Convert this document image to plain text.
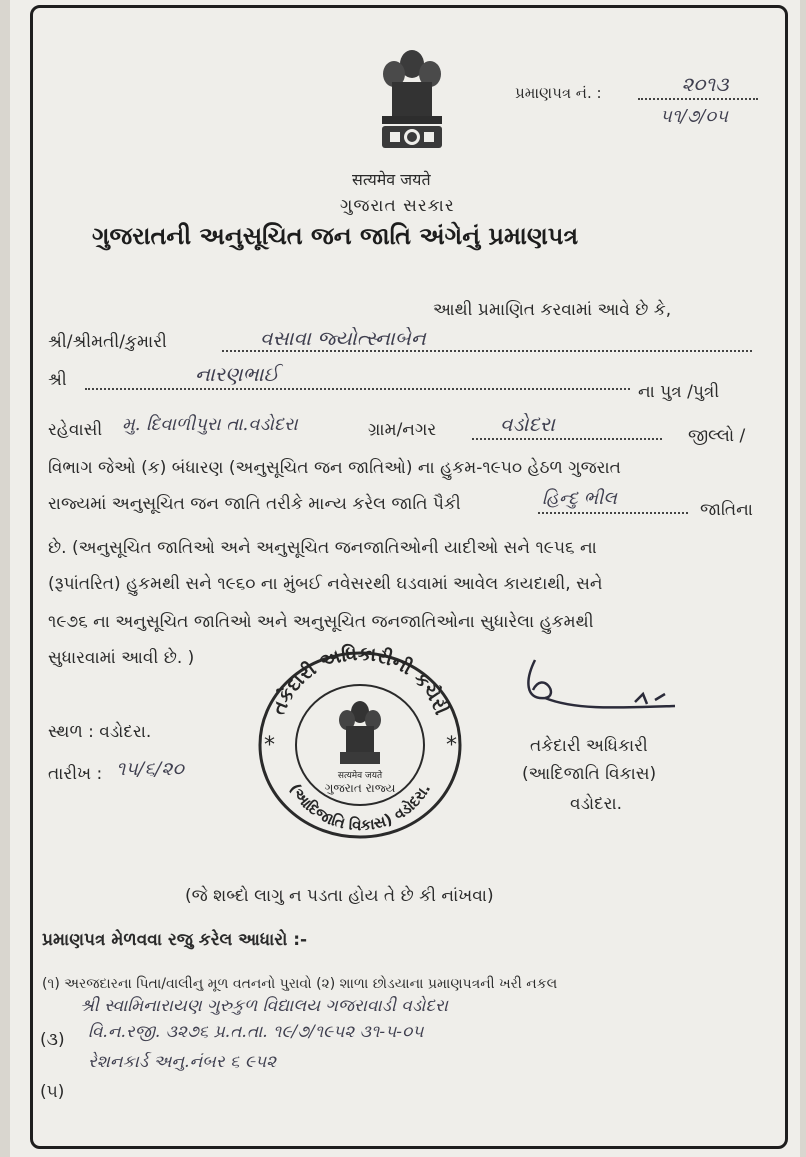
सत्यमेव जयते
ગુજરાત સરકાર
પ્રમાણપત્ર નં. :	૨૦૧૩
૫૧/૭/૦૫
ગુજરાતની અનુસૂચિત જન જાતિ અંગેનું પ્રમાણપત્ર
આથી પ્રમાણિત કરવામાં આવે છે કે,
શ્રી/શ્રીમતી/કુમારી	વસાવા જ્યોત્સ્નાબેન
શ્રી	નારણભાઈ
ના પુત્ર /પુત્રી
રહેવાસી મુ. દિવાળીપુરા તા.વડોદરા	ગ્રામ/નગર	વડોદરા	જીલ્લો /
વિભાગ જેઓ (ક) બંધારણ (અનુસૂચિત જન જાતિઓ) ના હુકમ-૧૯૫૦ હેઠળ ગુજરાત
રાજ્યમાં અનુસૂચિત જન જાતિ તરીકે માન્ય કરેલ જાતિ પૈકી	હિન્દુ ભીલ
જાતિના
છે. (અનુસૂચિત જાતિઓ અને અનુસૂચિત જનજાતિઓની યાદીઓ સને ૧૯૫૬ ના
(રૂપાંતરિત) હુકમથી સને ૧૯૬૦ ના મુંબઈ નવેસરથી ઘડવામાં આવેલ કાયદાથી, સને
૧૯૭૬ ના અનુસૂચિત જાતિઓ અને અનુસૂચિત જનજાતિઓના સુધારેલા હુકમથી
સુધારવામાં આવી છે. )
તકેદારી અધિકારીની કચેરી
(આદિજાતિ વિકાસ) વડોદરા.
*	*
सत्यमेव जयते
ગુજરાત રાજ્ય
સ્થળ : વડોદરા.
તારીખ : ૧૫/૬/૨૦
તકેદારી અધિકારી
(આદિજાતિ વિકાસ)
વડોદરા.
(જે શબ્દો લાગુ ન પડતા હોય તે છે કી નાંખવા)
પ્રમાણપત્ર મેળવવા રજુ કરેલ આધારો :-
(૧) અરજદારના પિતા/વાલીનુ મૂળ વતનનો પુરાવો (૨) શાળા છોડયાના પ્રમાણપત્રની ખરી નકલ
શ્રી સ્વામિનારાયણ ગુરુકુળ વિદ્યાલય ગજરાવાડી વડોદરા
(૩) વિ.ન.રજી. ૩૨૭૬ પ્ર.ત.તા. ૧૯/૭/૧૯૫૨ ૩૧-૫-૦૫
રેશનકાર્ડ અનુ.નંબર ૬ ૯૫૨
(૫)
